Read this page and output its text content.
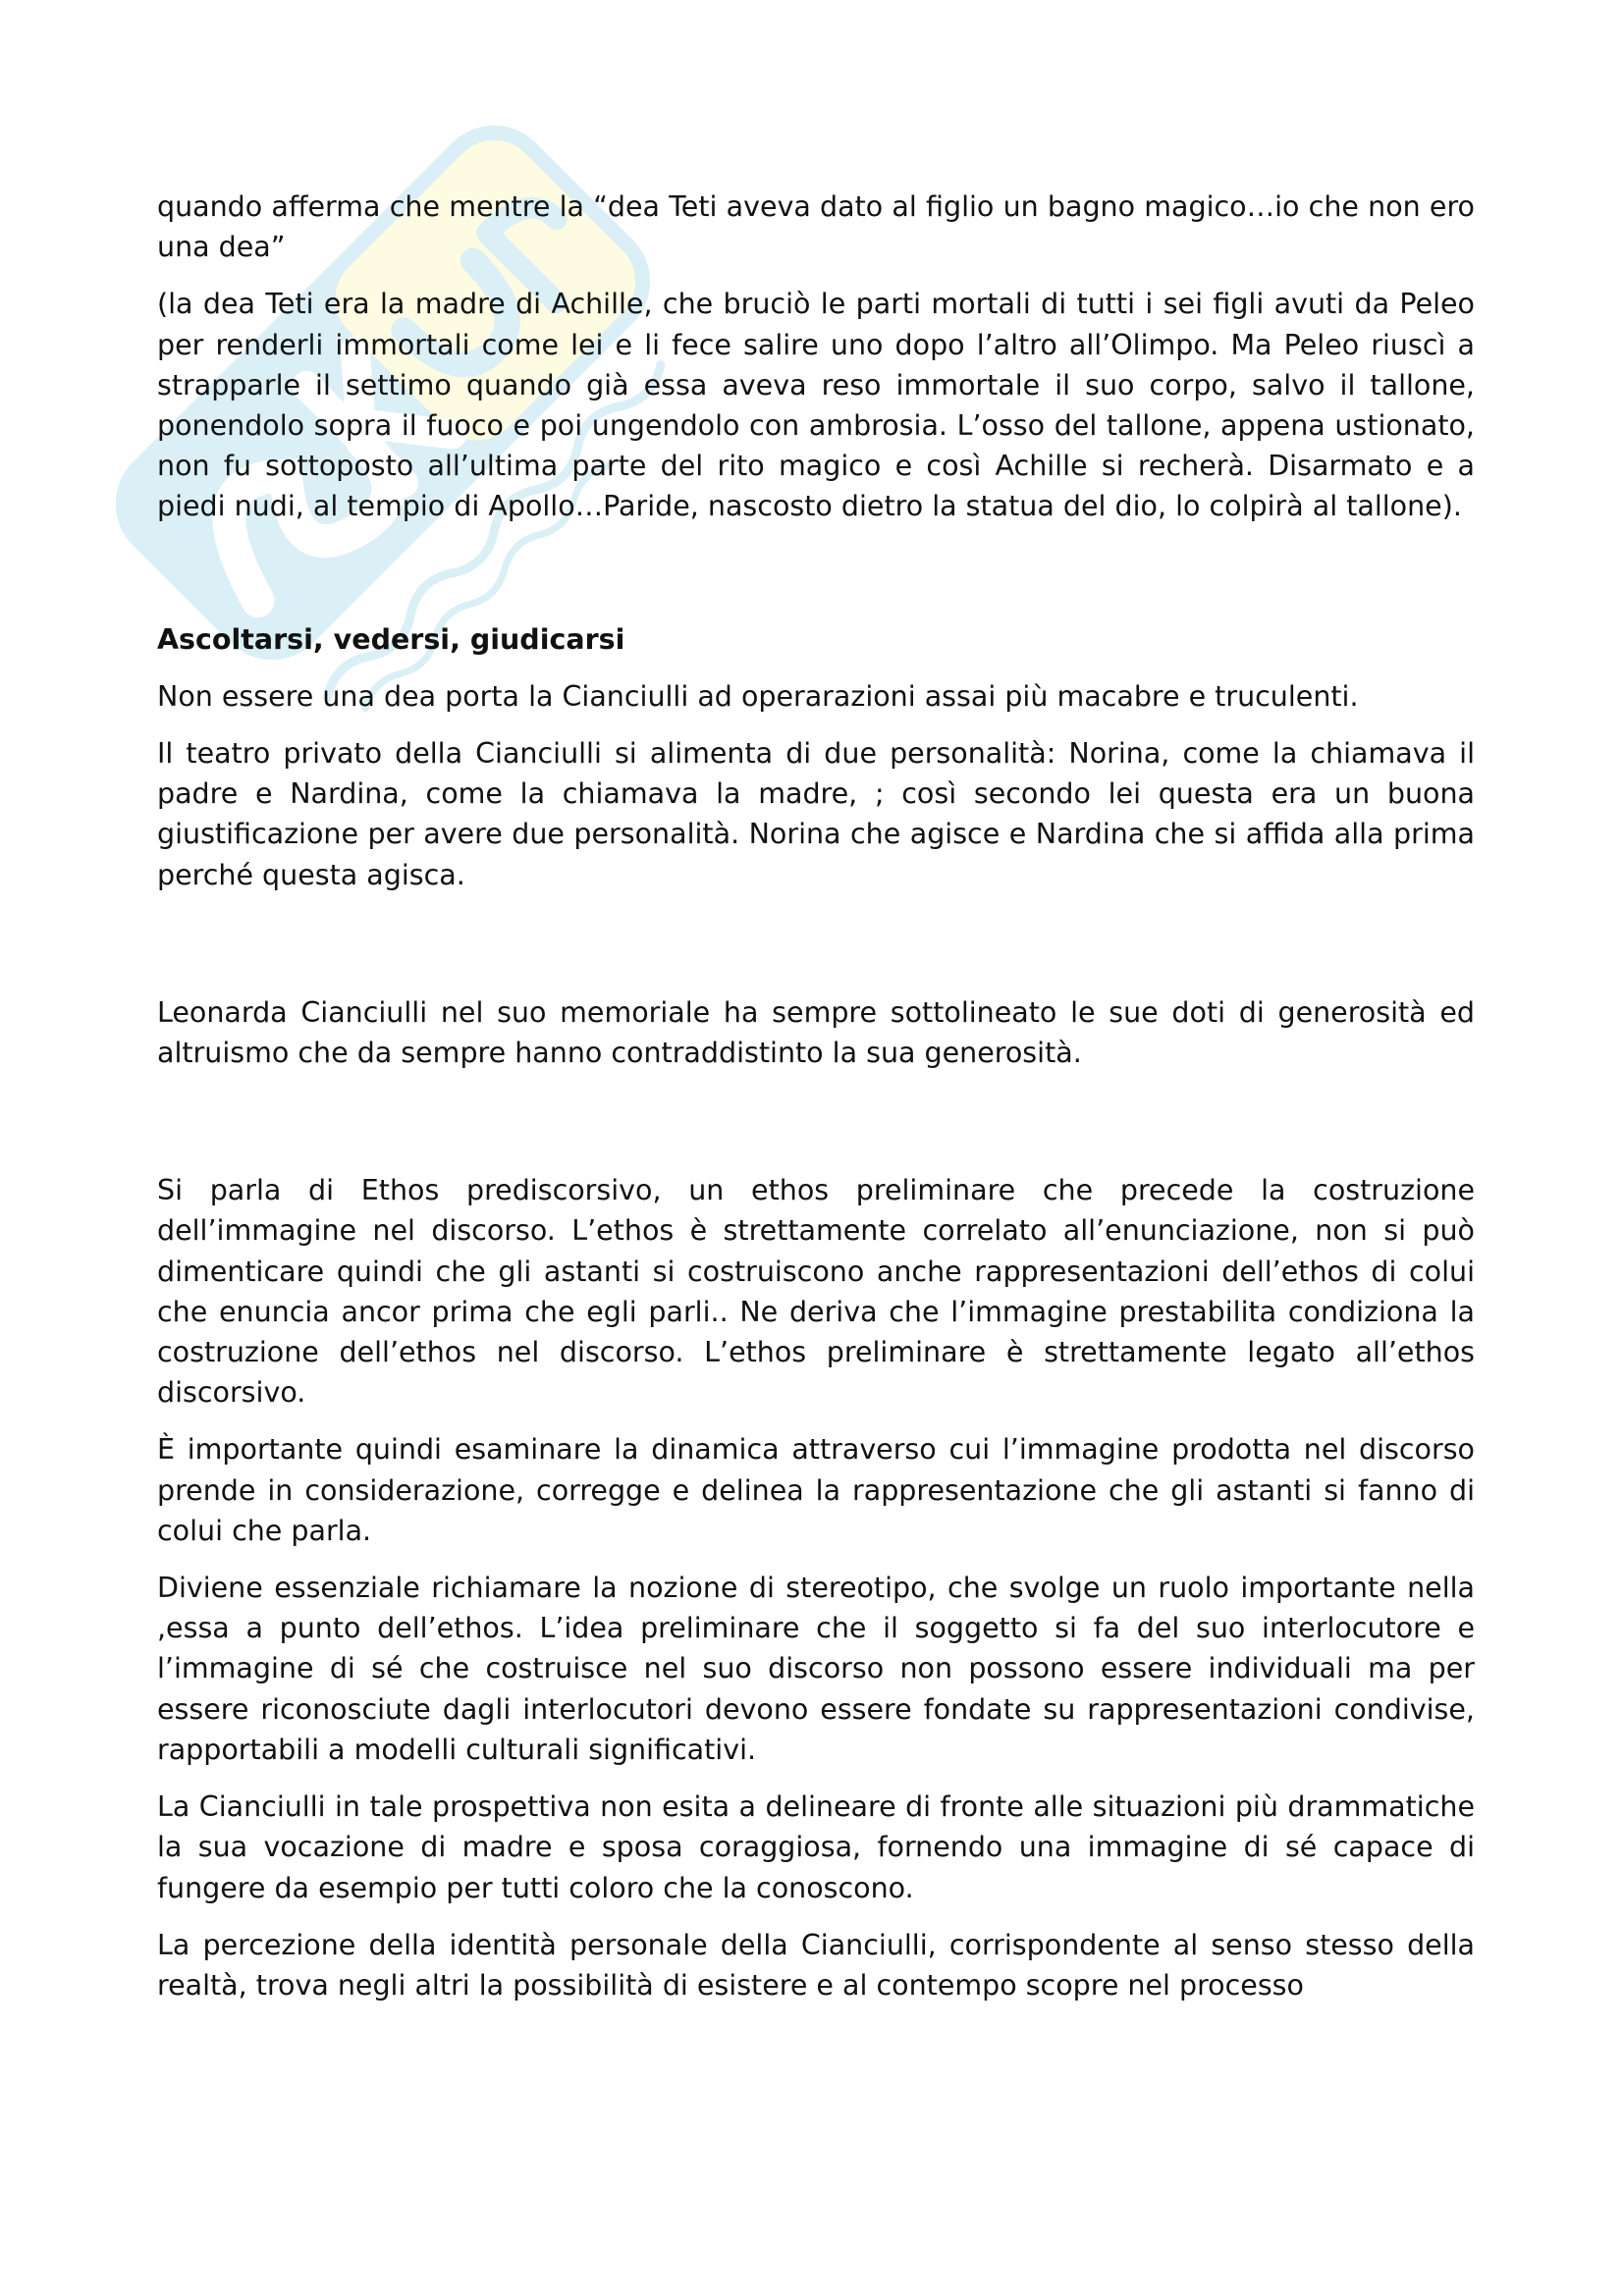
quando afferma che mentre la “dea Teti aveva dato al figlio un bagno magico…io che non ero una dea”

(la dea Teti era la madre di Achille, che bruciò le parti mortali di tutti i sei figli avuti da Peleo per renderli immortali come lei e li fece salire uno dopo l’altro all’Olimpo. Ma Peleo riuscì a strapparle il settimo quando già essa aveva reso immortale il suo corpo, salvo il tallone, ponendolo sopra il fuoco e poi ungendolo con ambrosia. L’osso del tallone, appena ustionato, non fu sottoposto all’ultima parte del rito magico e così Achille si recherà. Disarmato e a piedi nudi, al tempio di Apollo…Paride, nascosto dietro la statua del dio, lo colpirà al tallone).

Ascoltarsi, vedersi, giudicarsi

Non essere una dea porta la Cianciulli ad operarazioni assai più macabre e truculenti.

Il teatro privato della Cianciulli si alimenta di due personalità: Norina, come la chiamava il padre e Nardina, come la chiamava la madre, ; così secondo lei questa era un buona giustificazione per avere due personalità. Norina che agisce e Nardina che si affida alla prima perché questa agisca.

Leonarda Cianciulli nel suo memoriale ha sempre sottolineato le sue doti di generosità ed altruismo che da sempre hanno contraddistinto la sua generosità.

Si parla di Ethos prediscorsivo, un ethos preliminare che precede la costruzione dell’immagine nel discorso. L’ethos è strettamente correlato all’enunciazione, non si può dimenticare quindi che gli astanti si costruiscono anche rappresentazioni dell’ethos di colui che enuncia ancor prima che egli parli.. Ne deriva che l’immagine prestabilita condiziona la costruzione dell’ethos nel discorso. L’ethos preliminare è strettamente legato all’ethos discorsivo.

È importante quindi esaminare la dinamica attraverso cui l’immagine prodotta nel discorso prende in considerazione, corregge e delinea la rappresentazione che gli astanti si fanno di colui che parla.

Diviene essenziale richiamare la nozione di stereotipo, che svolge un ruolo importante nella ,essa a punto dell’ethos. L’idea preliminare che il soggetto si fa del suo interlocutore e l’immagine di sé che costruisce nel suo discorso non possono essere individuali ma per essere riconosciute dagli interlocutori devono essere fondate su rappresentazioni condivise, rapportabili a modelli culturali significativi.

La Cianciulli in tale prospettiva non esita a delineare di fronte alle situazioni più drammatiche la sua vocazione di madre e sposa coraggiosa, fornendo una immagine di sé capace di fungere da esempio per tutti coloro che la conoscono.

La percezione della identità personale della Cianciulli, corrispondente al senso stesso della realtà, trova negli altri la possibilità di esistere e al contempo scopre nel processo
